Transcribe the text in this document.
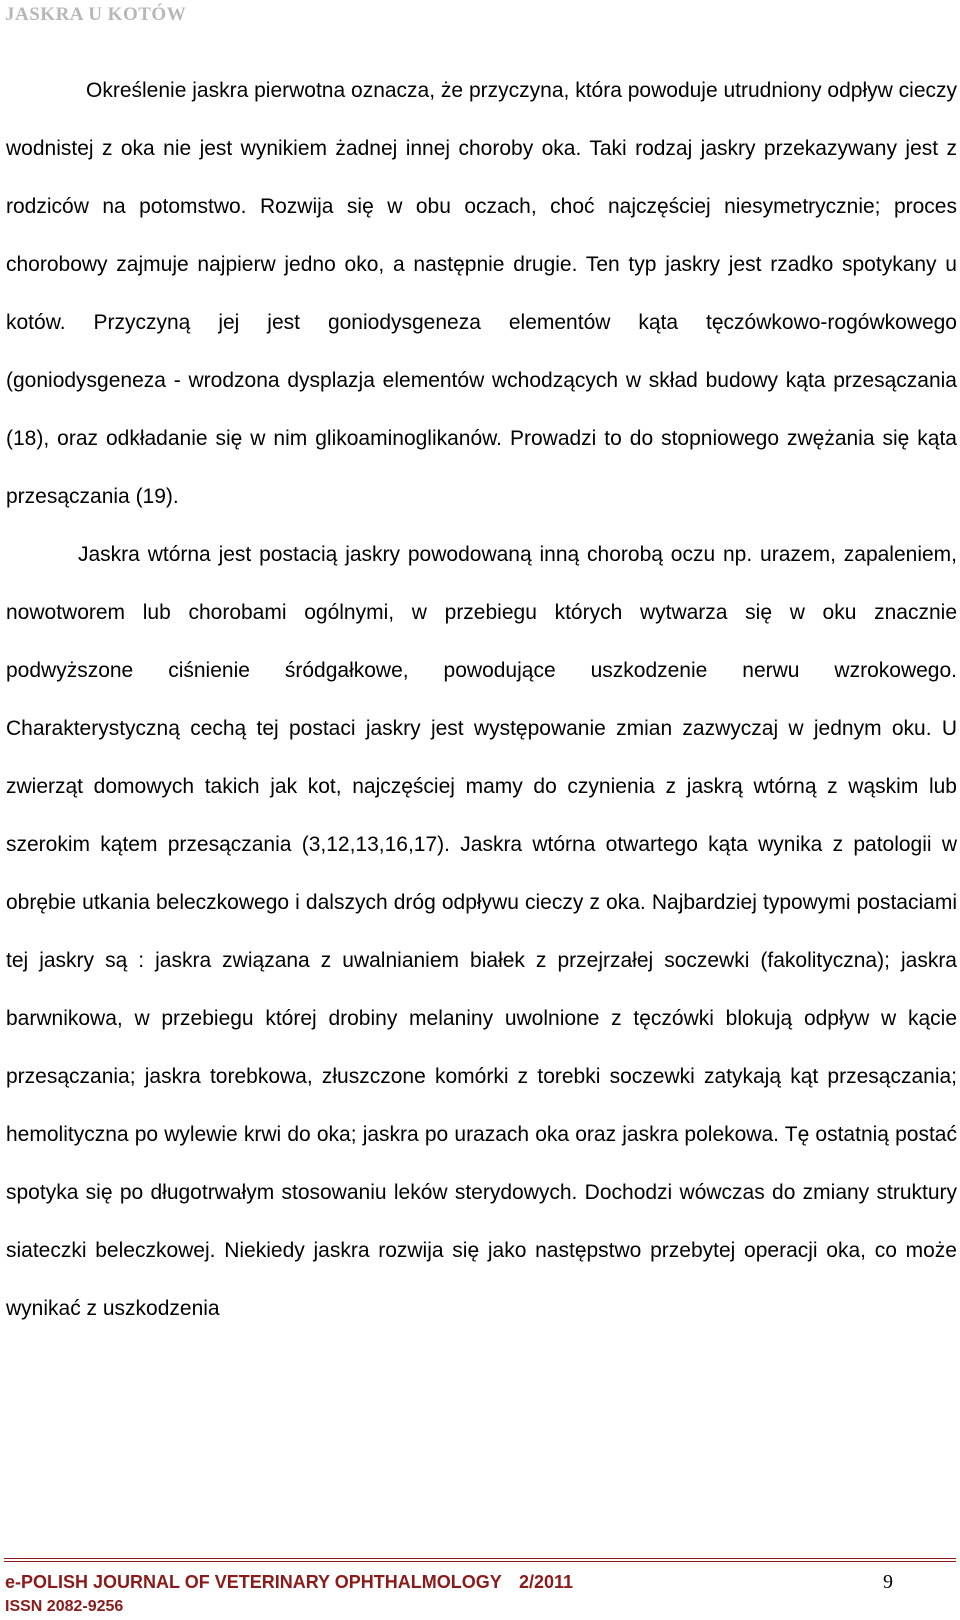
JASKRA U KOTÓW

Określenie jaskra pierwotna oznacza, że przyczyna, która powoduje utrudniony odpływ cieczy wodnistej z oka nie jest wynikiem żadnej innej choroby oka. Taki rodzaj jaskry przekazywany jest z rodziców na potomstwo. Rozwija się w obu oczach, choć najczęściej niesymetrycznie; proces chorobowy zajmuje najpierw jedno oko, a następnie drugie. Ten typ jaskry jest rzadko spotykany u kotów. Przyczyną jej jest goniodysgeneza elementów kąta tęczówkowo-rogówkowego (goniodysgeneza - wrodzona dysplazja elementów wchodzących w skład budowy kąta przesączania (18), oraz odkładanie się w nim glikoaminoglikanów. Prowadzi to do stopniowego zwężania się kąta przesączania (19).

Jaskra wtórna jest postacią jaskry powodowaną inną chorobą oczu np. urazem, zapaleniem, nowotworem lub chorobami ogólnymi, w przebiegu których wytwarza się w oku znacznie podwyższone ciśnienie śródgałkowe, powodujące uszkodzenie nerwu wzrokowego. Charakterystyczną cechą tej postaci jaskry jest występowanie zmian zazwyczaj w jednym oku. U zwierząt domowych takich jak kot, najczęściej mamy do czynienia z jaskrą wtórną z wąskim lub szerokim kątem przesączania (3,12,13,16,17). Jaskra wtórna otwartego kąta wynika z patologii w obrębie utkania beleczkowego i dalszych dróg odpływu cieczy z oka. Najbardziej typowymi postaciami tej jaskry są : jaskra związana z uwalnianiem białek z przejrzałej soczewki (fakolityczna); jaskra barwnikowa, w przebiegu której drobiny melaniny uwolnione z tęczówki blokują odpływ w kącie przesączania; jaskra torebkowa, złuszczone komórki z torebki soczewki zatykają kąt przesączania; hemolityczna po wylewie krwi do oka; jaskra po urazach oka oraz jaskra polekowa. Tę ostatnią postać spotyka się po długotrwałym stosowaniu leków sterydowych. Dochodzi wówczas do zmiany struktury siateczki beleczkowej. Niekiedy jaskra rozwija się jako następstwo przebytej operacji oka, co może wynikać z uszkodzenia

e-POLISH JOURNAL OF VETERINARY OPHTHALMOLOGY 2/2011	9
ISSN 2082-9256
